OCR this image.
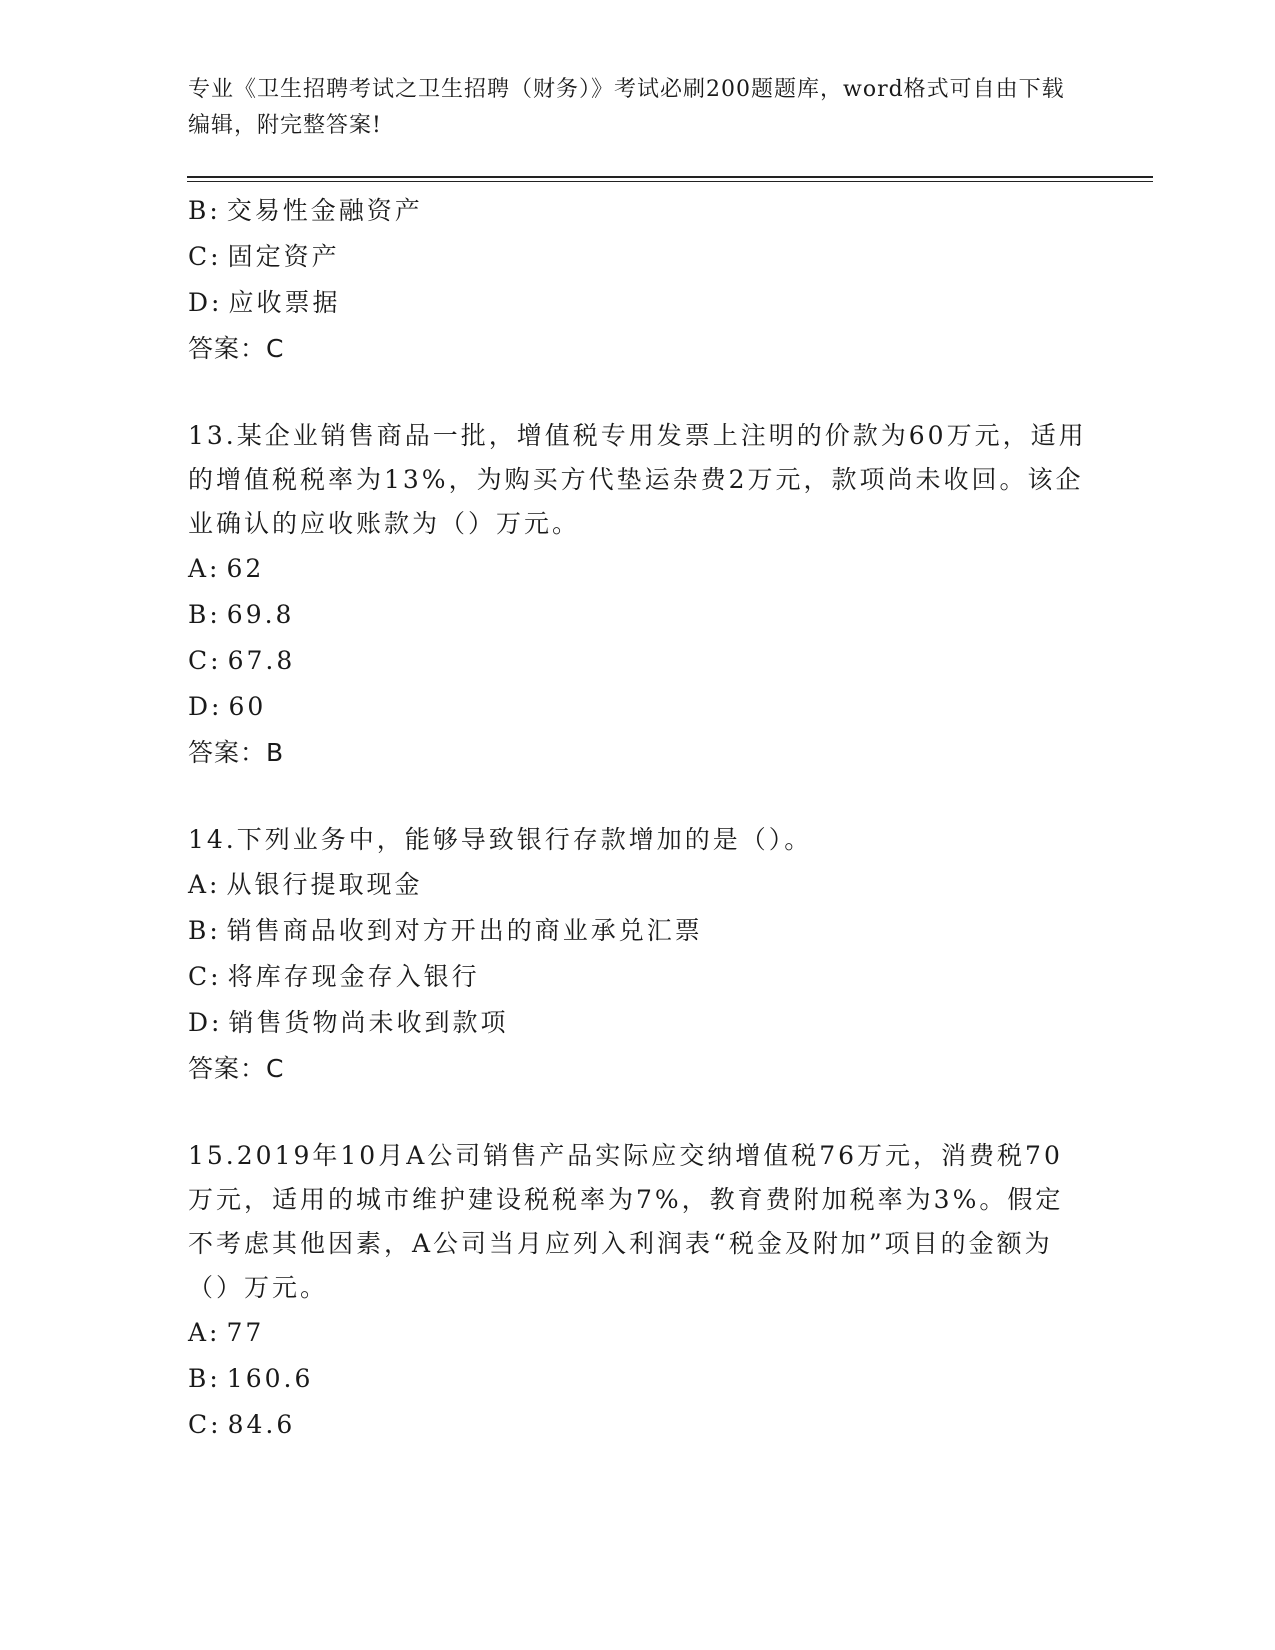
专业《卫生招聘考试之卫生招聘（财务）》考试必刷200题题库，word格式可自由下载编辑，附完整答案!
B: 交易性金融资产
C: 固定资产
D: 应收票据
答案：C
13.某企业销售商品一批，增值税专用发票上注明的价款为60万元，适用的增值税税率为13%，为购买方代垫运杂费2万元，款项尚未收回。该企业确认的应收账款为（）万元。
A: 62
B: 69.8
C: 67.8
D: 60
答案：B
14.下列业务中，能够导致银行存款增加的是（）。
A: 从银行提取现金
B: 销售商品收到对方开出的商业承兑汇票
C: 将库存现金存入银行
D: 销售货物尚未收到款项
答案：C
15.2019年10月A公司销售产品实际应交纳增值税76万元，消费税70万元，适用的城市维护建设税税率为7%，教育费附加税率为3%。假定不考虑其他因素，A公司当月应列入利润表“税金及附加”项目的金额为（）万元。
A: 77
B: 160.6
C: 84.6
